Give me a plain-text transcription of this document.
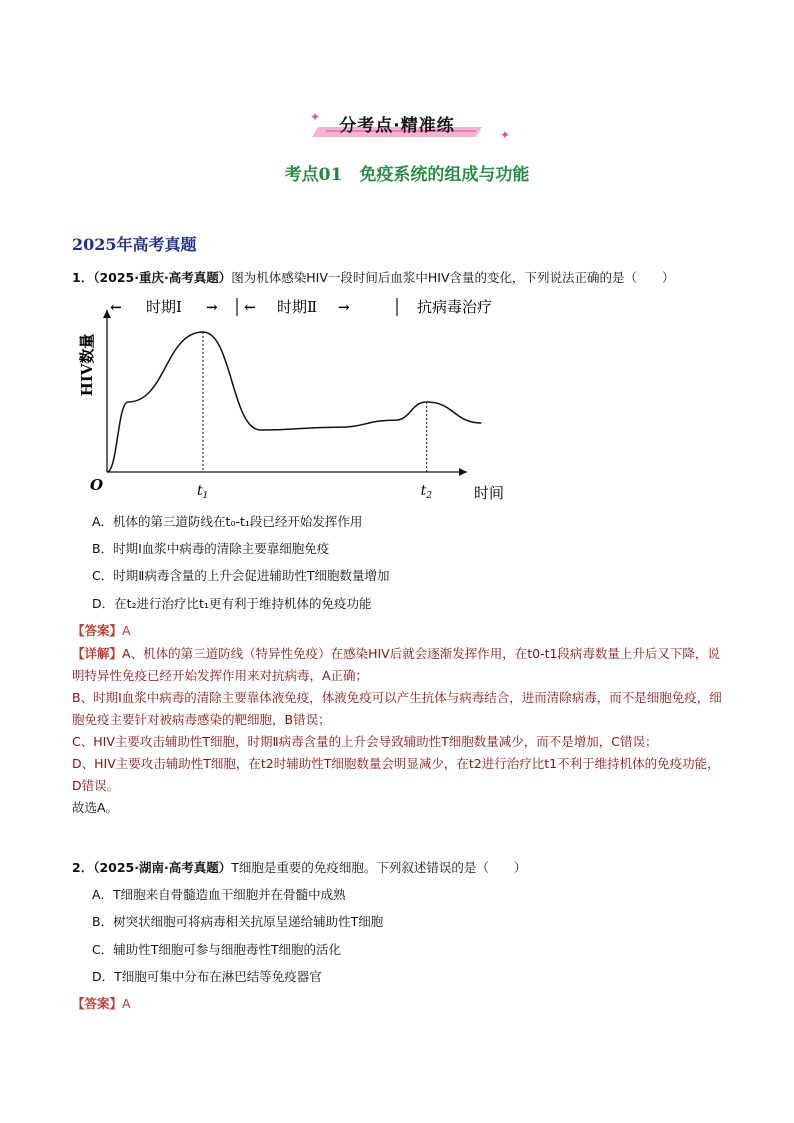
✦
✦
分考点·精准练
考点01　免疫系统的组成与功能
2025年高考真题
1．（2025·重庆·高考真题）图为机体感染HIV一段时间后血浆中HIV含量的变化，下列说法正确的是（　　）
HIV数量
时间
O	$t_1$	$t_2$
← 时期Ⅰ → ← 时期Ⅱ →	抗病毒治疗
A．机体的第三道防线在t₀-t₁段已经开始发挥作用
B．时期Ⅰ血浆中病毒的清除主要靠细胞免疫
C．时期Ⅱ病毒含量的上升会促进辅助性T细胞数量增加
D．在t₂进行治疗比t₁更有利于维持机体的免疫功能
【答案】A

【详解】A、机体的第三道防线（特异性免疫）在感染HIV后就会逐渐发挥作用，在t0-t1段病毒数量上升后又下降，说明特异性免疫已经开始发挥作用来对抗病毒，A正确；

B、时期Ⅰ血浆中病毒的清除主要靠体液免疫，体液免疫可以产生抗体与病毒结合，进而清除病毒，而不是细胞免疫，细胞免疫主要针对被病毒感染的靶细胞，B错误；

C、HIV主要攻击辅助性T细胞，时期Ⅱ病毒含量的上升会导致辅助性T细胞数量减少，而不是增加，C错误；

D、HIV主要攻击辅助性T细胞，在t2时辅助性T细胞数量会明显减少，在t2进行治疗比t1不利于维持机体的免疫功能，D错误。

故选A。

2．（2025·湖南·高考真题）T细胞是重要的免疫细胞。下列叙述错误的是（　　）
A．T细胞来自骨髓造血干细胞并在骨髓中成熟
B．树突状细胞可将病毒相关抗原呈递给辅助性T细胞
C．辅助性T细胞可参与细胞毒性T细胞的活化
D．T细胞可集中分布在淋巴结等免疫器官
【答案】A
